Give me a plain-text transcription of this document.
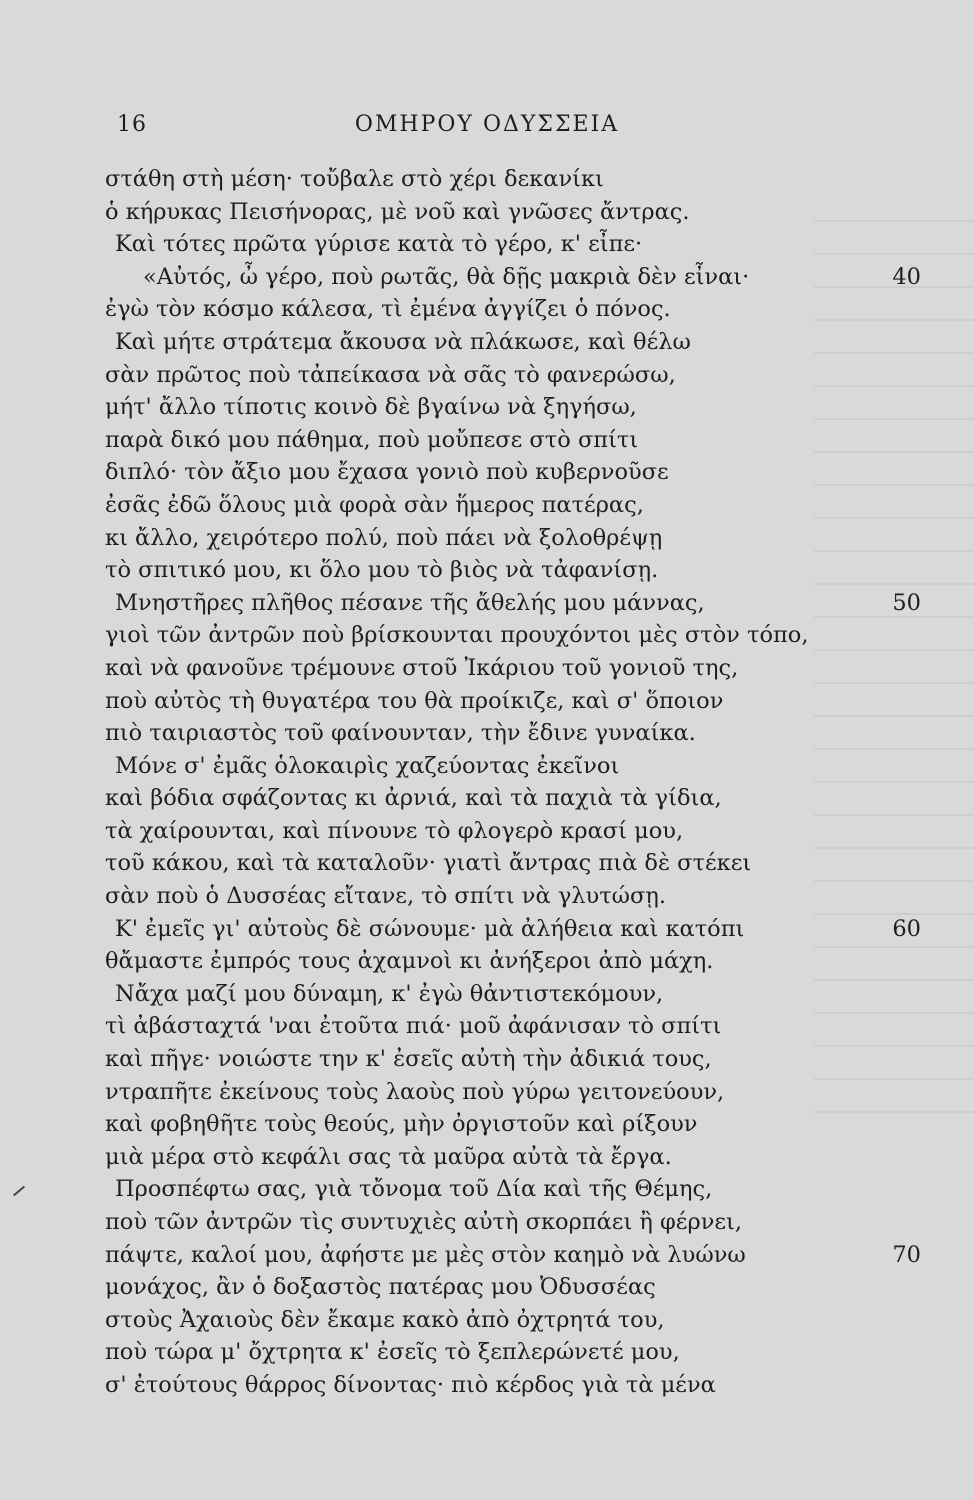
16	ΟΜΗΡΟΥ ΟΔΥΣΣΕΙΑ
στάθη στὴ μέση· τοὔβαλε στὸ χέρι δεκανίκι
ὁ κήρυκας Πεισήνορας, μὲ νοῦ καὶ γνῶσες ἄντρας.
Καὶ τότες πρῶτα γύρισε κατὰ τὸ γέρο, κ' εἶπε·
«Αὐτός, ὦ γέρο, ποὺ ρωτᾶς, θὰ δῇς μακριὰ δὲν εἶναι·	40
ἐγὼ τὸν κόσμο κάλεσα, τὶ ἐμένα ἀγγίζει ὁ πόνος.
Καὶ μήτε στράτεμα ἄκουσα νὰ πλάκωσε, καὶ θέλω
σὰν πρῶτος ποὺ τἀπείκασα νὰ σᾶς τὸ φανερώσω,
μήτ' ἄλλο τίποτις κοινὸ δὲ βγαίνω νὰ ξηγήσω,
παρὰ δικό μου πάθημα, ποὺ μοὔπεσε στὸ σπίτι
διπλό· τὸν ἄξιο μου ἔχασα γονιὸ ποὺ κυβερνοῦσε
ἐσᾶς ἐδῶ ὅλους μιὰ φορὰ σὰν ἥμερος πατέρας,
κι ἄλλο, χειρότερο πολύ, ποὺ πάει νὰ ξολοθρέψῃ
τὸ σπιτικό μου, κι ὅλο μου τὸ βιὸς νὰ τἀφανίσῃ.
Μνηστῆρες πλῆθος πέσανε τῆς ἄθελής μου μάννας,	50
γιοὶ τῶν ἀντρῶν ποὺ βρίσκουνται προυχόντοι μὲς στὸν τόπο,
καὶ νὰ φανοῦνε τρέμουνε στοῦ Ἰκάριου τοῦ γονιοῦ της,
ποὺ αὐτὸς τὴ θυγατέρα του θὰ προίκιζε, καὶ σ' ὅποιον
πιὸ ταιριαστὸς τοῦ φαίνουνταν, τὴν ἔδινε γυναίκα.
Μόνε σ' ἐμᾶς ὁλοκαιρὶς χαζεύοντας ἐκεῖνοι
καὶ βόδια σφάζοντας κι ἀρνιά, καὶ τὰ παχιὰ τὰ γίδια,
τὰ χαίρουνται, καὶ πίνουνε τὸ φλογερὸ κρασί μου,
τοῦ κάκου, καὶ τὰ καταλοῦν· γιατὶ ἄντρας πιὰ δὲ στέκει
σὰν ποὺ ὁ Δυσσέας εἴτανε, τὸ σπίτι νὰ γλυτώσῃ.
Κ' ἐμεῖς γι' αὐτοὺς δὲ σώνουμε· μὰ ἀλήθεια καὶ κατόπι	60
θἄμαστε ἐμπρός τους ἀχαμνοὶ κι ἀνήξεροι ἀπὸ μάχη.
Νἄχα μαζί μου δύναμη, κ' ἐγὼ θἀντιστεκόμουν,
τὶ ἀβάσταχτά 'ναι ἐτοῦτα πιά· μοῦ ἀφάνισαν τὸ σπίτι
καὶ πῆγε· νοιώστε την κ' ἐσεῖς αὐτὴ τὴν ἀδικιά τους,
ντραπῆτε ἐκείνους τοὺς λαοὺς ποὺ γύρω γειτονεύουν,
καὶ φοβηθῆτε τοὺς θεούς, μὴν ὀργιστοῦν καὶ ρίξουν
μιὰ μέρα στὸ κεφάλι σας τὰ μαῦρα αὐτὰ τὰ ἔργα.
Προσπέφτω σας, γιὰ τὄνομα τοῦ Δία καὶ τῆς Θέμης,
ποὺ τῶν ἀντρῶν τὶς συντυχιὲς αὐτὴ σκορπάει ἢ φέρνει,
πάψτε, καλοί μου, ἀφήστε με μὲς στὸν καημὸ νὰ λυώνω	70
μονάχος, ἂν ὁ δοξαστὸς πατέρας μου Ὀδυσσέας
στοὺς Ἀχαιοὺς δὲν ἔκαμε κακὸ ἀπὸ ὀχτρητά του,
ποὺ τώρα μ' ὄχτρητα κ' ἐσεῖς τὸ ξεπλερώνετέ μου,
σ' ἐτούτους θάρρος δίνοντας· πιὸ κέρδος γιὰ τὰ μένα
